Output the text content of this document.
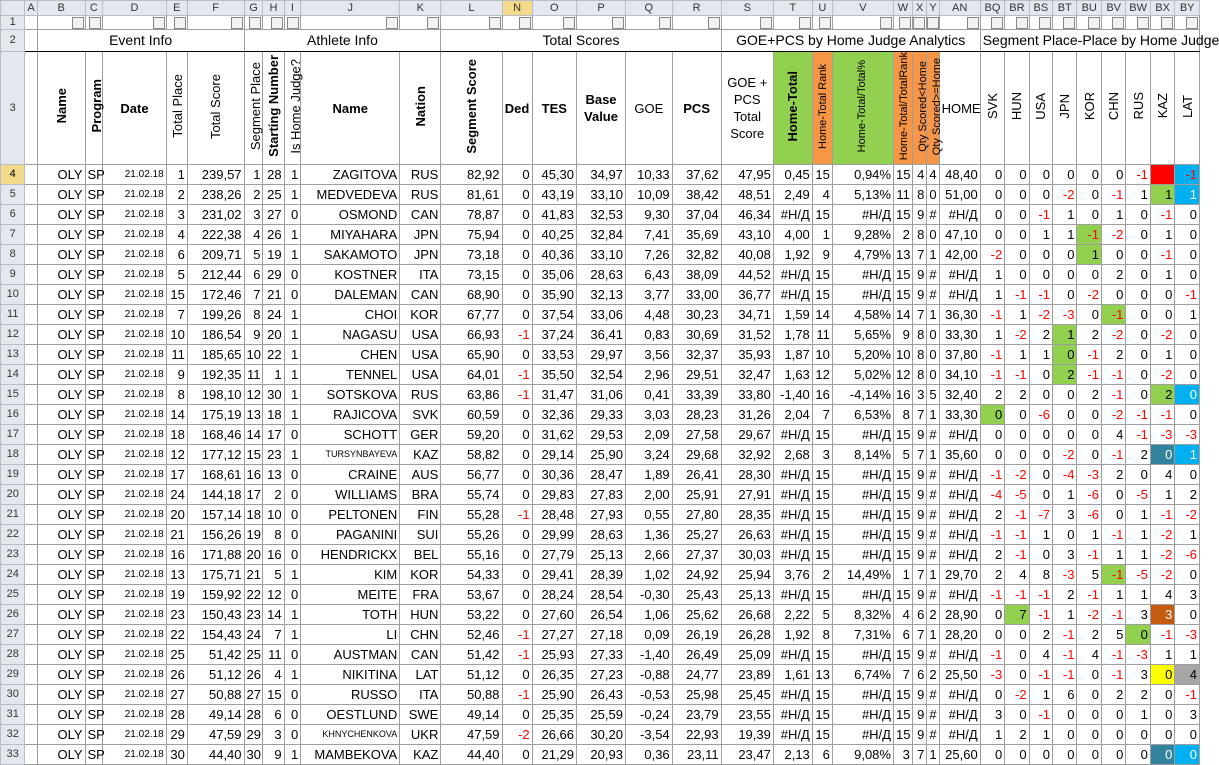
	A	B	C	D	E	F	G	H	I	J	K	L	N	O	P	Q	R	S	T	U	V	W	X	Y	AN	BQ	BR	BS	BT	BU	BV	BW	BX	BY
1																																		
2		Event Info					Athlete Info					Total Scores						GOE+PCS by Home Judge Analytics								Segment Place-Place by Home Judge								
3		Name	Program	Date	Total Place	Total Score	Segment Place	Starting Number	Is Home Judge?	Name	Nation	Segment Score	Ded	TES	Base Value	GOE	PCS	GOE + PCS Total Score	Home-Total	Home-Total Rank	Home-Total/Total%	Home-Total/TotalRank	Qty Scored<Home	Qty Scored>=Home	HOME	SVK	HUN	USA	JPN	KOR	CHN	RUS	KAZ	LAT
4		OLY	SP	21.02.18	1	239,57	1	28	1	ZAGITOVA	RUS	82,92	0	45,30	34,97	10,33	37,62	47,95	0,45	15	0,94%	15	4	4	48,40	0	0	0	0	0	0	-1	-1	-1
5		OLY	SP	21.02.18	2	238,26	2	25	1	MEDVEDEVA	RUS	81,61	0	43,19	33,10	10,09	38,42	48,51	2,49	4	5,13%	11	8	0	51,00	0	0	0	-2	0	-1	1	1	1
6		OLY	SP	21.02.18	3	231,02	3	27	0	OSMOND	CAN	78,87	0	41,83	32,53	9,30	37,04	46,34	#Н/Д	15	#Н/Д	15	9	#	#Н/Д	0	0	-1	1	0	1	0	-1	0
7		OLY	SP	21.02.18	4	222,38	4	26	1	MIYAHARA	JPN	75,94	0	40,25	32,84	7,41	35,69	43,10	4,00	1	9,28%	2	8	0	47,10	0	0	1	1	-1	-2	0	1	0
8		OLY	SP	21.02.18	6	209,71	5	19	1	SAKAMOTO	JPN	73,18	0	40,36	33,10	7,26	32,82	40,08	1,92	9	4,79%	13	7	1	42,00	-2	0	0	0	1	0	0	-1	0
9		OLY	SP	21.02.18	5	212,44	6	29	0	KOSTNER	ITA	73,15	0	35,06	28,63	6,43	38,09	44,52	#Н/Д	15	#Н/Д	15	9	#	#Н/Д	1	0	0	0	0	2	0	1	0
10		OLY	SP	21.02.18	15	172,46	7	21	0	DALEMAN	CAN	68,90	0	35,90	32,13	3,77	33,00	36,77	#Н/Д	15	#Н/Д	15	9	#	#Н/Д	1	-1	-1	0	-2	0	0	0	-1
11		OLY	SP	21.02.18	7	199,26	8	24	1	CHOI	KOR	67,77	0	37,54	33,06	4,48	30,23	34,71	1,59	14	4,58%	14	7	1	36,30	-1	1	-2	-3	0	-1	0	0	1
12		OLY	SP	21.02.18	10	186,54	9	20	1	NAGASU	USA	66,93	-1	37,24	36,41	0,83	30,69	31,52	1,78	11	5,65%	9	8	0	33,30	1	-2	2	1	2	-2	0	-2	0
13		OLY	SP	21.02.18	11	185,65	10	22	1	CHEN	USA	65,90	0	33,53	29,97	3,56	32,37	35,93	1,87	10	5,20%	10	8	0	37,80	-1	1	1	0	-1	2	0	1	0
14		OLY	SP	21.02.18	9	192,35	11	1	1	TENNEL	USA	64,01	-1	35,50	32,54	2,96	29,51	32,47	1,63	12	5,02%	12	8	0	34,10	-1	-1	0	2	-1	-1	0	-2	0
15		OLY	SP	21.02.18	8	198,10	12	30	1	SOTSKOVA	RUS	63,86	-1	31,47	31,06	0,41	33,39	33,80	-1,40	16	-4,14%	16	3	5	32,40	2	2	0	0	2	-1	0	2	0
16		OLY	SP	21.02.18	14	175,19	13	18	1	RAJICOVA	SVK	60,59	0	32,36	29,33	3,03	28,23	31,26	2,04	7	6,53%	8	7	1	33,30	0	0	-6	0	0	-2	-1	-1	0
17		OLY	SP	21.02.18	18	168,46	14	17	0	SCHOTT	GER	59,20	0	31,62	29,53	2,09	27,58	29,67	#Н/Д	15	#Н/Д	15	9	#	#Н/Д	0	0	0	0	0	4	-1	-3	-3
18		OLY	SP	21.02.18	12	177,12	15	23	1	TURSYNBAYEVA	KAZ	58,82	0	29,14	25,90	3,24	29,68	32,92	2,68	3	8,14%	5	7	1	35,60	0	0	0	-2	0	-1	2	0	1
19		OLY	SP	21.02.18	17	168,61	16	13	0	CRAINE	AUS	56,77	0	30,36	28,47	1,89	26,41	28,30	#Н/Д	15	#Н/Д	15	9	#	#Н/Д	-1	-2	0	-4	-3	2	0	4	0
20		OLY	SP	21.02.18	24	144,18	17	2	0	WILLIAMS	BRA	55,74	0	29,83	27,83	2,00	25,91	27,91	#Н/Д	15	#Н/Д	15	9	#	#Н/Д	-4	-5	0	1	-6	0	-5	1	2
21		OLY	SP	21.02.18	20	157,14	18	10	0	PELTONEN	FIN	55,28	-1	28,48	27,93	0,55	27,80	28,35	#Н/Д	15	#Н/Д	15	9	#	#Н/Д	2	-1	-7	3	-6	0	1	-1	-2
22		OLY	SP	21.02.18	21	156,26	19	8	0	PAGANINI	SUI	55,26	0	29,99	28,63	1,36	25,27	26,63	#Н/Д	15	#Н/Д	15	9	#	#Н/Д	-1	-1	1	0	1	-1	1	-2	1
23		OLY	SP	21.02.18	16	171,88	20	16	0	HENDRICKX	BEL	55,16	0	27,79	25,13	2,66	27,37	30,03	#Н/Д	15	#Н/Д	15	9	#	#Н/Д	2	-1	0	3	-1	1	1	-2	-6
24		OLY	SP	21.02.18	13	175,71	21	5	1	KIM	KOR	54,33	0	29,41	28,39	1,02	24,92	25,94	3,76	2	14,49%	1	7	1	29,70	2	4	8	-3	5	-1	-5	-2	0
25		OLY	SP	21.02.18	19	159,92	22	12	0	MEITE	FRA	53,67	0	28,24	28,54	-0,30	25,43	25,13	#Н/Д	15	#Н/Д	15	9	#	#Н/Д	-1	-1	-1	2	-1	1	1	4	3
26		OLY	SP	21.02.18	23	150,43	23	14	1	TOTH	HUN	53,22	0	27,60	26,54	1,06	25,62	26,68	2,22	5	8,32%	4	6	2	28,90	0	7	-1	1	-2	-1	3	3	0
27		OLY	SP	21.02.18	22	154,43	24	7	1	LI	CHN	52,46	-1	27,27	27,18	0,09	26,19	26,28	1,92	8	7,31%	6	7	1	28,20	0	0	2	-1	2	5	0	-1	-3
28		OLY	SP	21.02.18	25	51,42	25	11	0	AUSTMAN	CAN	51,42	-1	25,93	27,33	-1,40	26,49	25,09	#Н/Д	15	#Н/Д	15	9	#	#Н/Д	-1	0	4	-1	4	-1	-3	1	1
29		OLY	SP	21.02.18	26	51,12	26	4	1	NIKITINA	LAT	51,12	0	26,35	27,23	-0,88	24,77	23,89	1,61	13	6,74%	7	6	2	25,50	-3	0	-1	-1	0	-1	3	0	4
30		OLY	SP	21.02.18	27	50,88	27	15	0	RUSSO	ITA	50,88	-1	25,90	26,43	-0,53	25,98	25,45	#Н/Д	15	#Н/Д	15	9	#	#Н/Д	0	-2	1	6	0	2	2	0	-1
31		OLY	SP	21.02.18	28	49,14	28	6	0	OESTLUND	SWE	49,14	0	25,35	25,59	-0,24	23,79	23,55	#Н/Д	15	#Н/Д	15	9	#	#Н/Д	3	0	-1	0	0	0	1	0	3
32		OLY	SP	21.02.18	29	47,59	29	3	0	KHNYCHENKOVA	UKR	47,59	-2	26,66	30,20	-3,54	22,93	19,39	#Н/Д	15	#Н/Д	15	9	#	#Н/Д	1	2	1	0	0	0	0	0	0
33		OLY	SP	21.02.18	30	44,40	30	9	1	MAMBEKOVA	KAZ	44,40	0	21,29	20,93	0,36	23,11	23,47	2,13	6	9,08%	3	7	1	25,60	0	0	0	0	0	0	0	0	0
